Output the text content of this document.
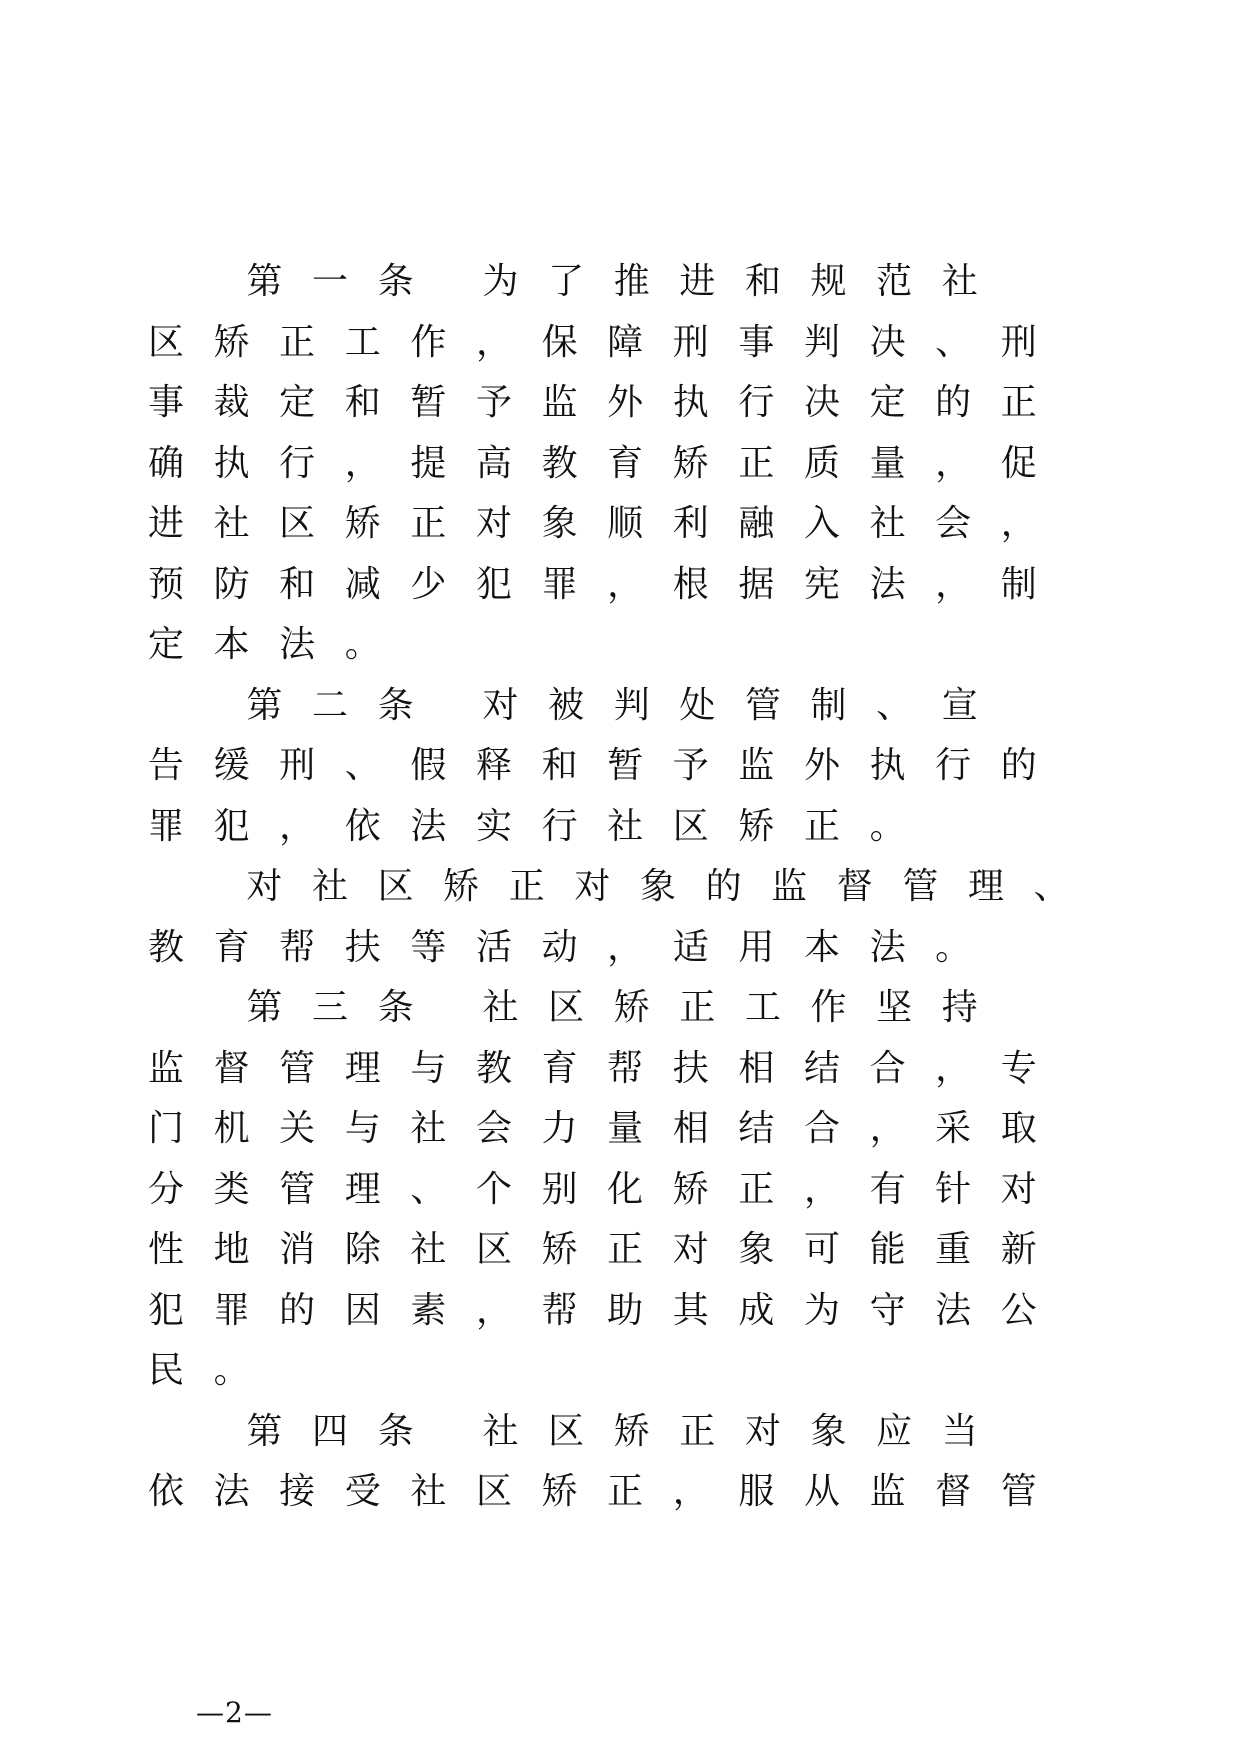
第 一 条 为 了 推 进 和 规 范 社
区 矫 正 工 作 ， 保 障 刑 事 判 决 、 刑
事 裁 定 和 暂 予 监 外 执 行 决 定 的 正
确 执 行 ， 提 高 教 育 矫 正 质 量 ， 促
进 社 区 矫 正 对 象 顺 利 融 入 社 会 ，
预 防 和 减 少 犯 罪 ， 根 据 宪 法 ， 制
定 本 法 。
第 二 条 对 被 判 处 管 制 、 宣
告 缓 刑 、 假 释 和 暂 予 监 外 执 行 的
罪 犯 ， 依 法 实 行 社 区 矫 正 。
对 社 区 矫 正 对 象 的 监 督 管 理 、
教 育 帮 扶 等 活 动 ， 适 用 本 法 。
第 三 条 社 区 矫 正 工 作 坚 持
监 督 管 理 与 教 育 帮 扶 相 结 合 ， 专
门 机 关 与 社 会 力 量 相 结 合 ， 采 取
分 类 管 理 、 个 别 化 矫 正 ， 有 针 对
性 地 消 除 社 区 矫 正 对 象 可 能 重 新
犯 罪 的 因 素 ， 帮 助 其 成 为 守 法 公
民 。
第 四 条 社 区 矫 正 对 象 应 当
依 法 接 受 社 区 矫 正 ， 服 从 监 督 管
—2—
